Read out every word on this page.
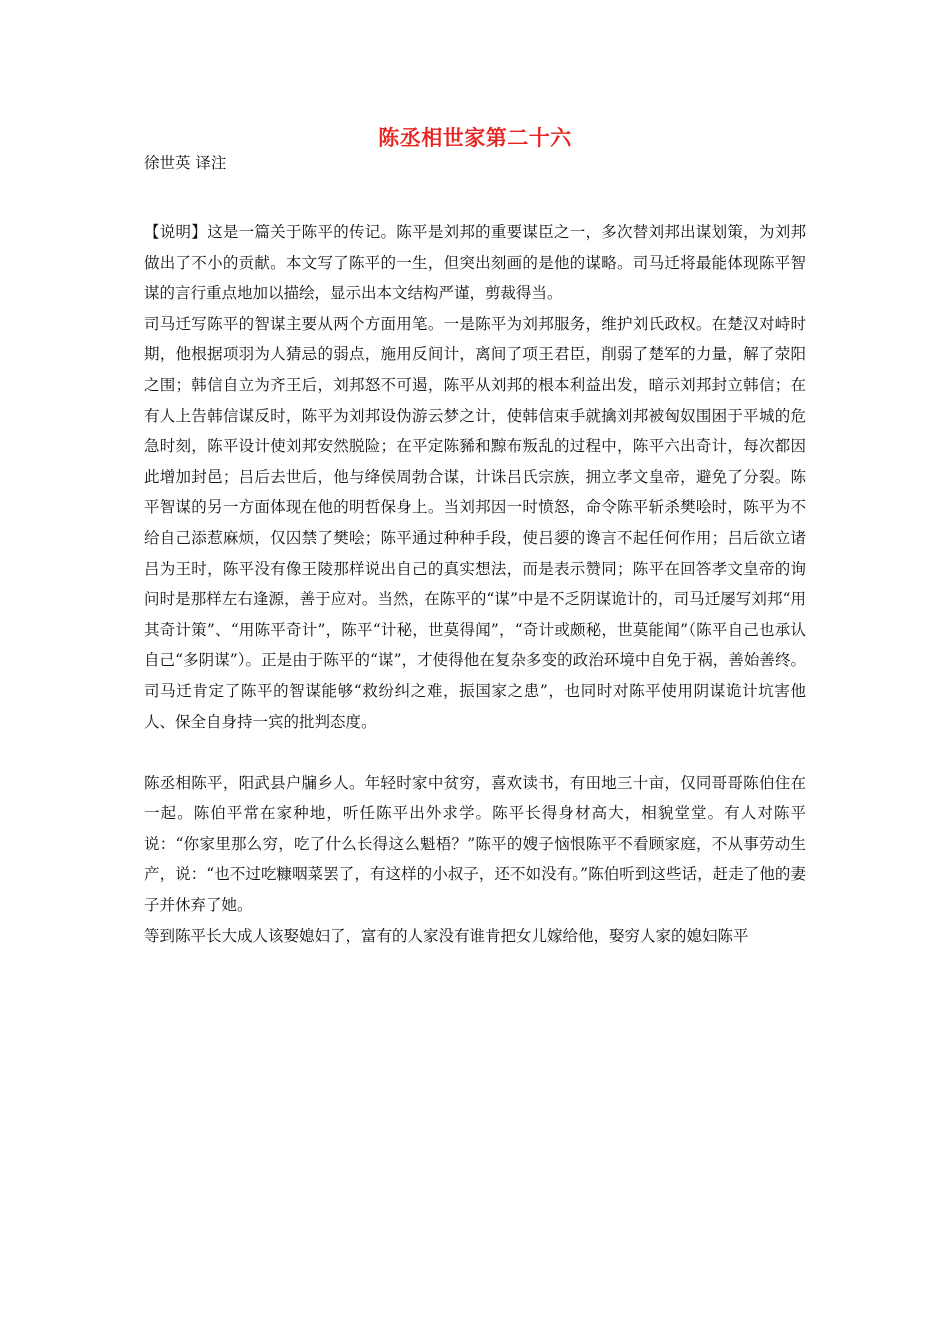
陈丞相世家第二十六
徐世英 译注

【说明】这是一篇关于陈平的传记。陈平是刘邦的重要谋臣之一，多次替刘邦出谋划策，为刘邦做出了不小的贡献。本文写了陈平的一生，但突出刻画的是他的谋略。司马迁将最能体现陈平智谋的言行重点地加以描绘，显示出本文结构严谨，剪裁得当。

司马迁写陈平的智谋主要从两个方面用笔。一是陈平为刘邦服务，维护刘氏政权。在楚汉对峙时期，他根据项羽为人猜忌的弱点，施用反间计，离间了项王君臣，削弱了楚军的力量，解了荥阳之围；韩信自立为齐王后，刘邦怒不可遏，陈平从刘邦的根本利益出发，暗示刘邦封立韩信；在有人上告韩信谋反时，陈平为刘邦设伪游云梦之计，使韩信束手就擒刘邦被匈奴围困于平城的危急时刻，陈平设计使刘邦安然脱险；在平定陈豨和黥布叛乱的过程中，陈平六出奇计，每次都因此增加封邑；吕后去世后，他与绛侯周勃合谋，计诛吕氏宗族，拥立孝文皇帝，避免了分裂。陈平智谋的另一方面体现在他的明哲保身上。当刘邦因一时愤怒，命令陈平斩杀樊哙时，陈平为不给自己添惹麻烦，仅囚禁了樊哙；陈平通过种种手段，使吕媭的谗言不起任何作用；吕后欲立诸吕为王时，陈平没有像王陵那样说出自己的真实想法，而是表示赞同；陈平在回答孝文皇帝的询问时是那样左右逢源，善于应对。当然，在陈平的“谋”中是不乏阴谋诡计的，司马迁屡写刘邦“用其奇计策”、“用陈平奇计”，陈平“计秘，世莫得闻”，“奇计或颇秘，世莫能闻”（陈平自己也承认自己“多阴谋”）。正是由于陈平的“谋”，才使得他在复杂多变的政治环境中自免于祸，善始善终。司马迁肯定了陈平的智谋能够“救纷纠之难，振国家之患”，也同时对陈平使用阴谋诡计坑害他人、保全自身持一宾的批判态度。

陈丞相陈平，阳武县户牖乡人。年轻时家中贫穷，喜欢读书，有田地三十亩，仅同哥哥陈伯住在一起。陈伯平常在家种地，听任陈平出外求学。陈平长得身材高大，相貌堂堂。有人对陈平说：“你家里那么穷，吃了什么长得这么魁梧？”陈平的嫂子恼恨陈平不看顾家庭，不从事劳动生产，说：“也不过吃糠咽菜罢了，有这样的小叔子，还不如没有。”陈伯听到这些话，赶走了他的妻子并休弃了她。

等到陈平长大成人该娶媳妇了，富有的人家没有谁肯把女儿嫁给他，娶穷人家的媳妇陈平
